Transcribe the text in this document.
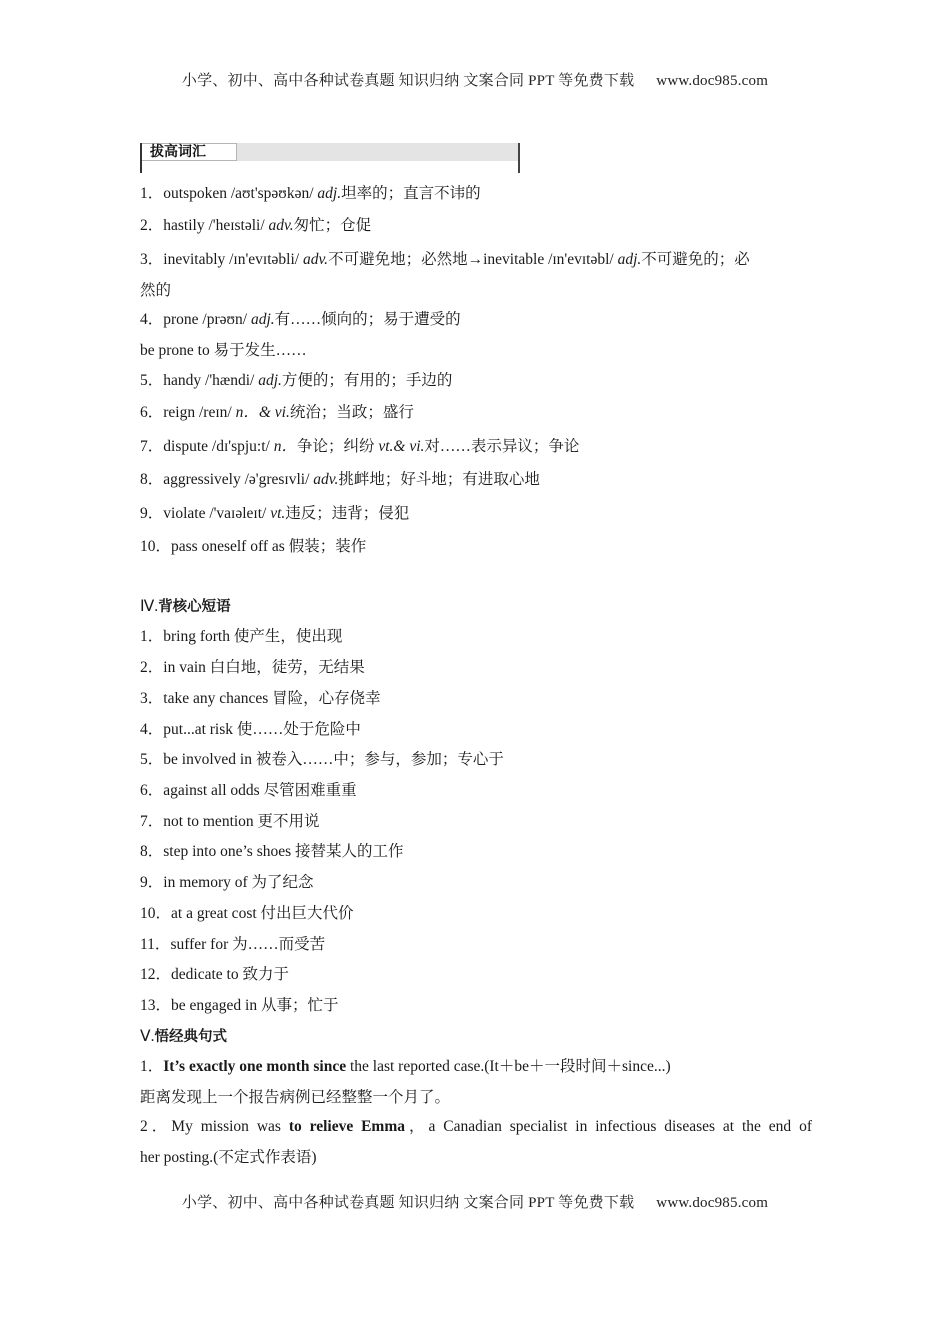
小学、初中、高中各种试卷真题 知识归纳 文案合同 PPT 等免费下载 www.doc985.com
拔高词汇
1．outspoken /aʊt'spəʊkən/ adj.坦率的；直言不讳的
2．hastily /'heɪstəli/ adv.匆忙；仓促
3．inevitably /ɪn'evɪtəbli/ adv.不可避免地；必然地→inevitable /ɪn'evɪtəbl/ adj.不可避免的；必
然的
4．prone /prəʊn/ adj.有……倾向的；易于遭受的
be prone to 易于发生……
5．handy /'hændi/ adj.方便的；有用的；手边的
6．reign /reɪn/ n．& vi.统治；当政；盛行
7．dispute /dɪ'spju:t/ n．争论；纠纷 vt.& vi.对……表示异议；争论
8．aggressively /ə'gresɪvli/ adv.挑衅地；好斗地；有进取心地
9．violate /'vaɪəleɪt/ vt.违反；违背；侵犯
10．pass oneself off as 假装；装作
Ⅳ.背核心短语
1．bring forth 使产生，使出现
2．in vain 白白地，徒劳，无结果
3．take any chances 冒险，心存侥幸
4．put...at risk 使……处于危险中
5．be involved in 被卷入……中；参与，参加；专心于
6．against all odds 尽管困难重重
7．not to mention 更不用说
8．step into one’s shoes 接替某人的工作
9．in memory of 为了纪念
10．at a great cost 付出巨大代价
11．suffer for 为……而受苦
12．dedicate to 致力于
13．be engaged in 从事；忙于
Ⅴ.悟经典句式
1．It’s exactly one month since the last reported case.(It＋be＋一段时间＋since...)
距离发现上一个报告病例已经整整一个月了。
2．My mission was to relieve Emma，a Canadian specialist in infectious diseases at the end of
her posting.(不定式作表语)
小学、初中、高中各种试卷真题 知识归纳 文案合同 PPT 等免费下载 www.doc985.com
